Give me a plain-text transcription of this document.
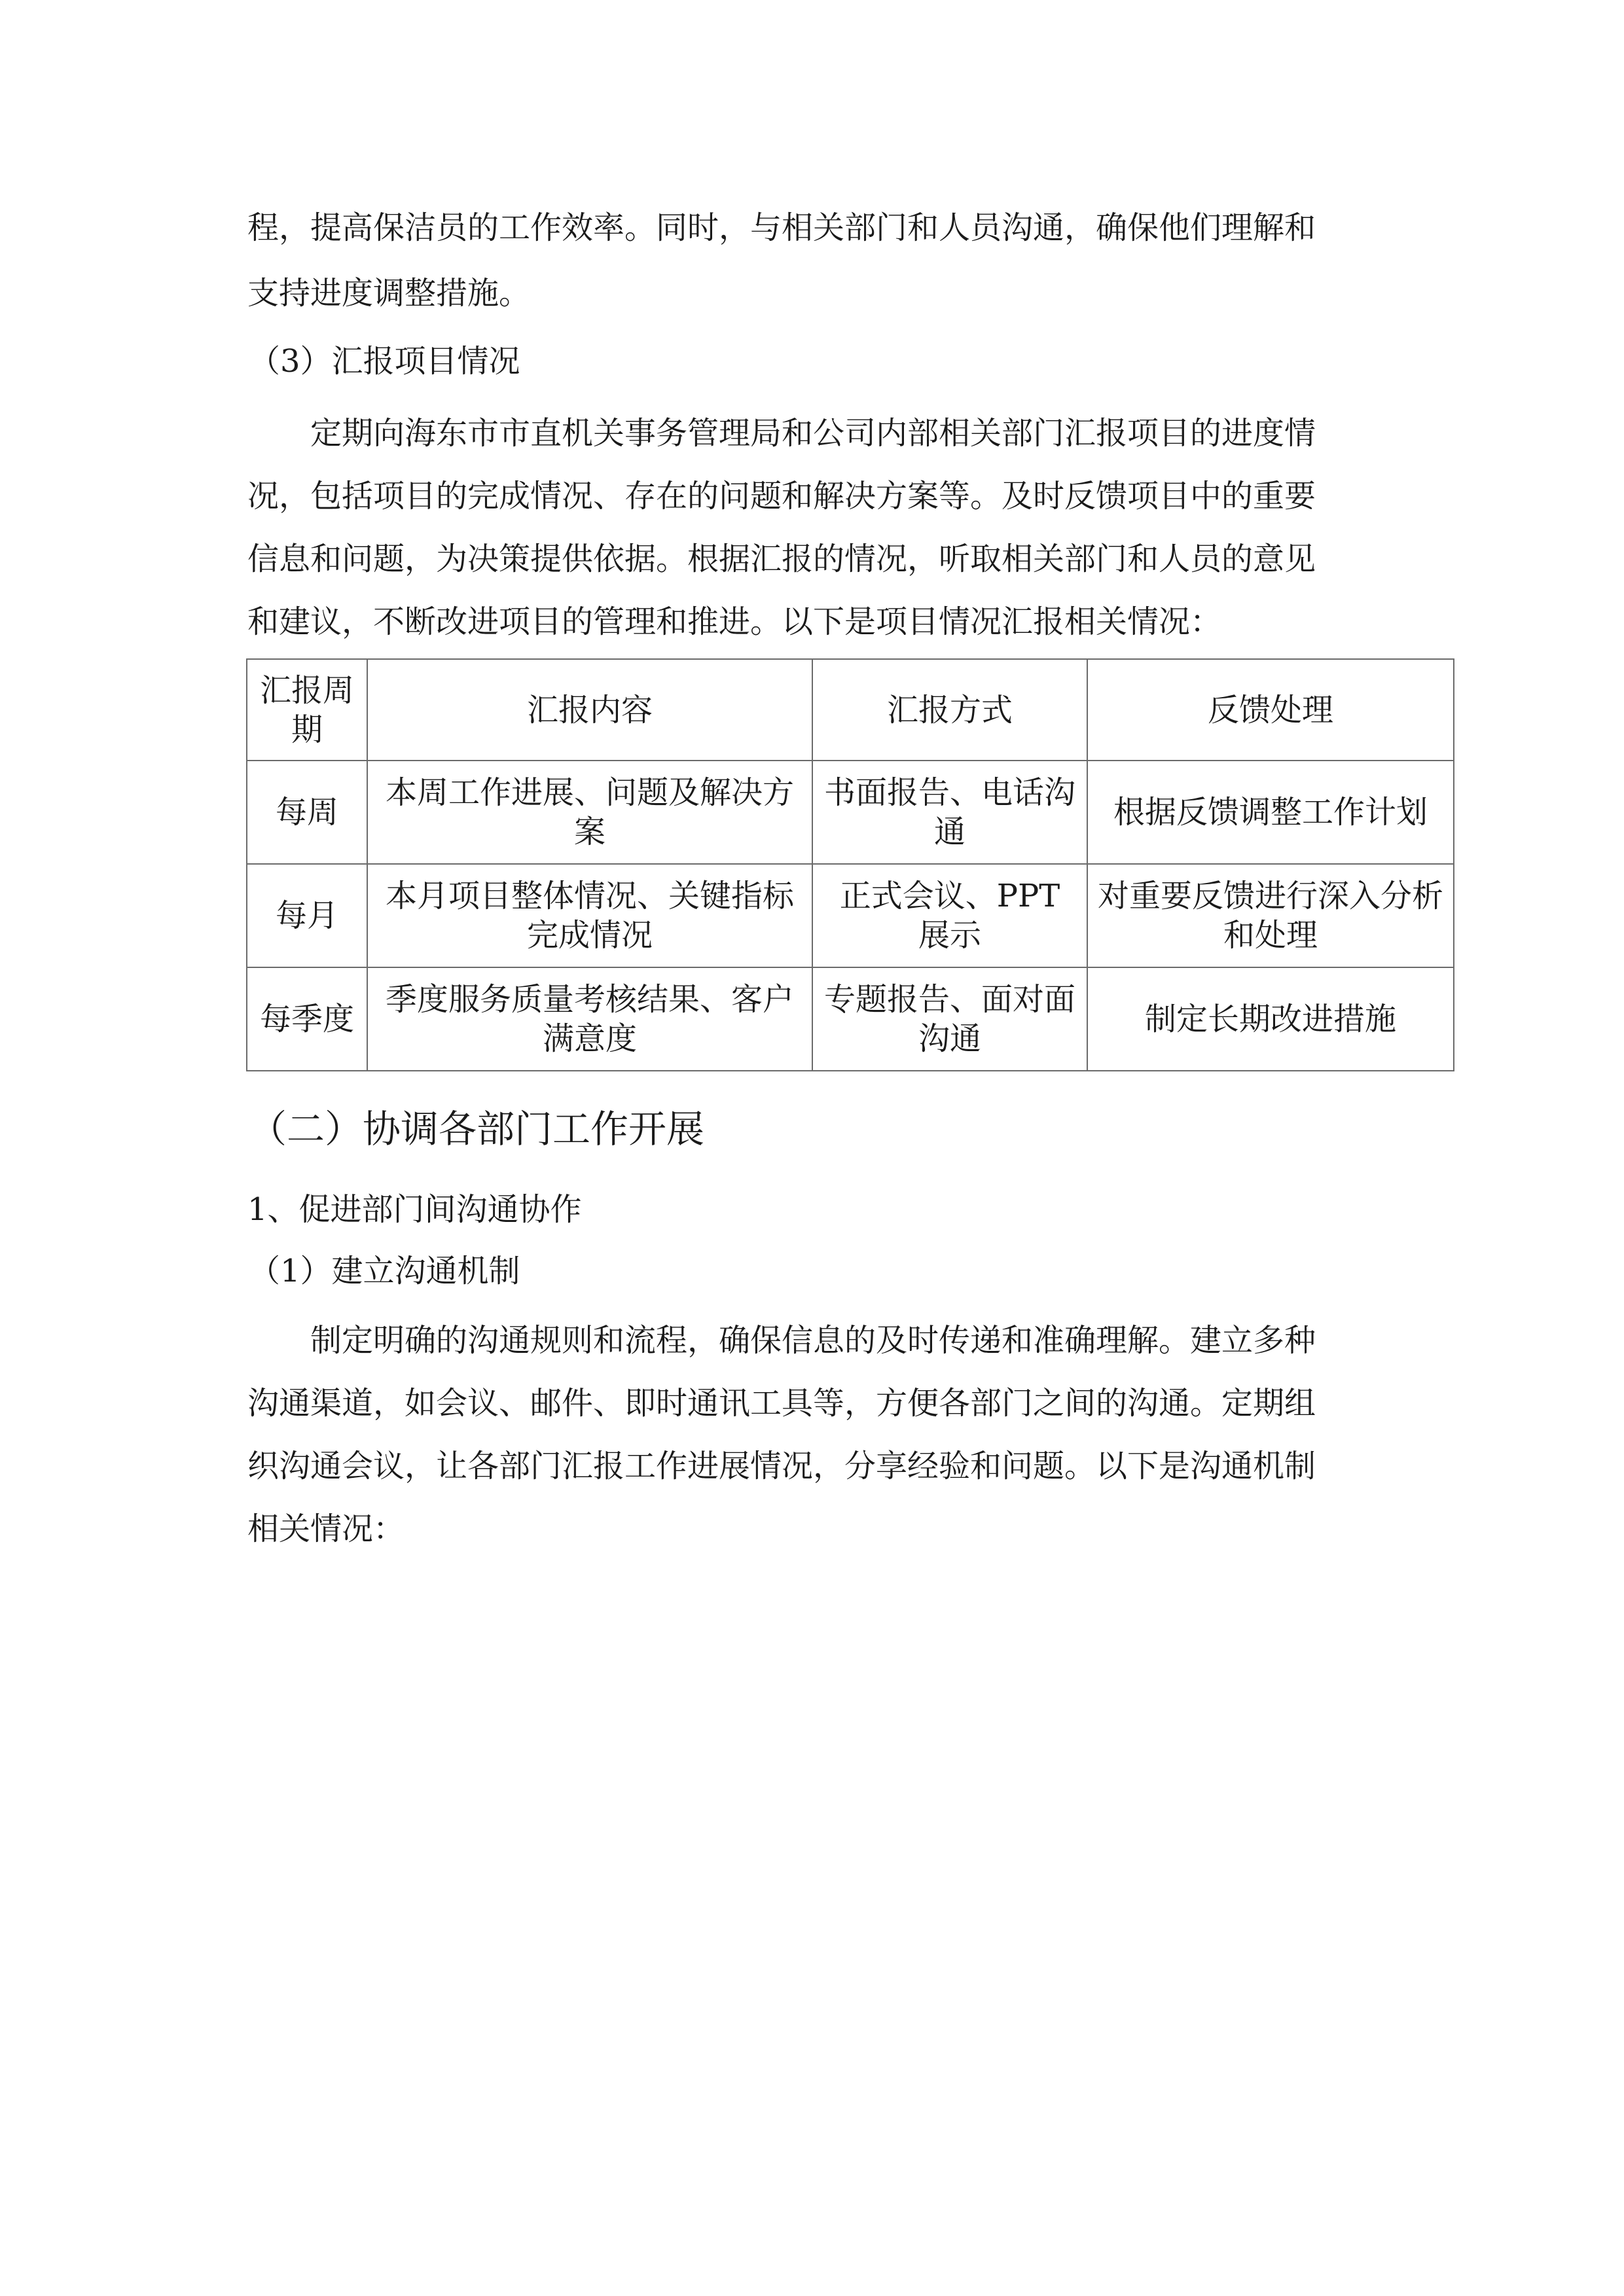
程，提高保洁员的工作效率。同时，与相关部门和人员沟通，确保他们理解和
支持进度调整措施。
（3）汇报项目情况
定期向海东市市直机关事务管理局和公司内部相关部门汇报项目的进度情
况，包括项目的完成情况、存在的问题和解决方案等。及时反馈项目中的重要
信息和问题，为决策提供依据。根据汇报的情况，听取相关部门和人员的意见
和建议，不断改进项目的管理和推进。以下是项目情况汇报相关情况：
汇报周期	汇报内容	汇报方式	反馈处理
每周	本周工作进展、问题及解决方案	书面报告、电话沟通	根据反馈调整工作计划
每月	本月项目整体情况、关键指标完成情况	正式会议、PPT 展示	对重要反馈进行深入分析和处理
每季度	季度服务质量考核结果、客户满意度	专题报告、面对面沟通	制定长期改进措施
（二）协调各部门工作开展
1、促进部门间沟通协作
（1）建立沟通机制
制定明确的沟通规则和流程，确保信息的及时传递和准确理解。建立多种
沟通渠道，如会议、邮件、即时通讯工具等，方便各部门之间的沟通。定期组
织沟通会议，让各部门汇报工作进展情况，分享经验和问题。以下是沟通机制
相关情况：
